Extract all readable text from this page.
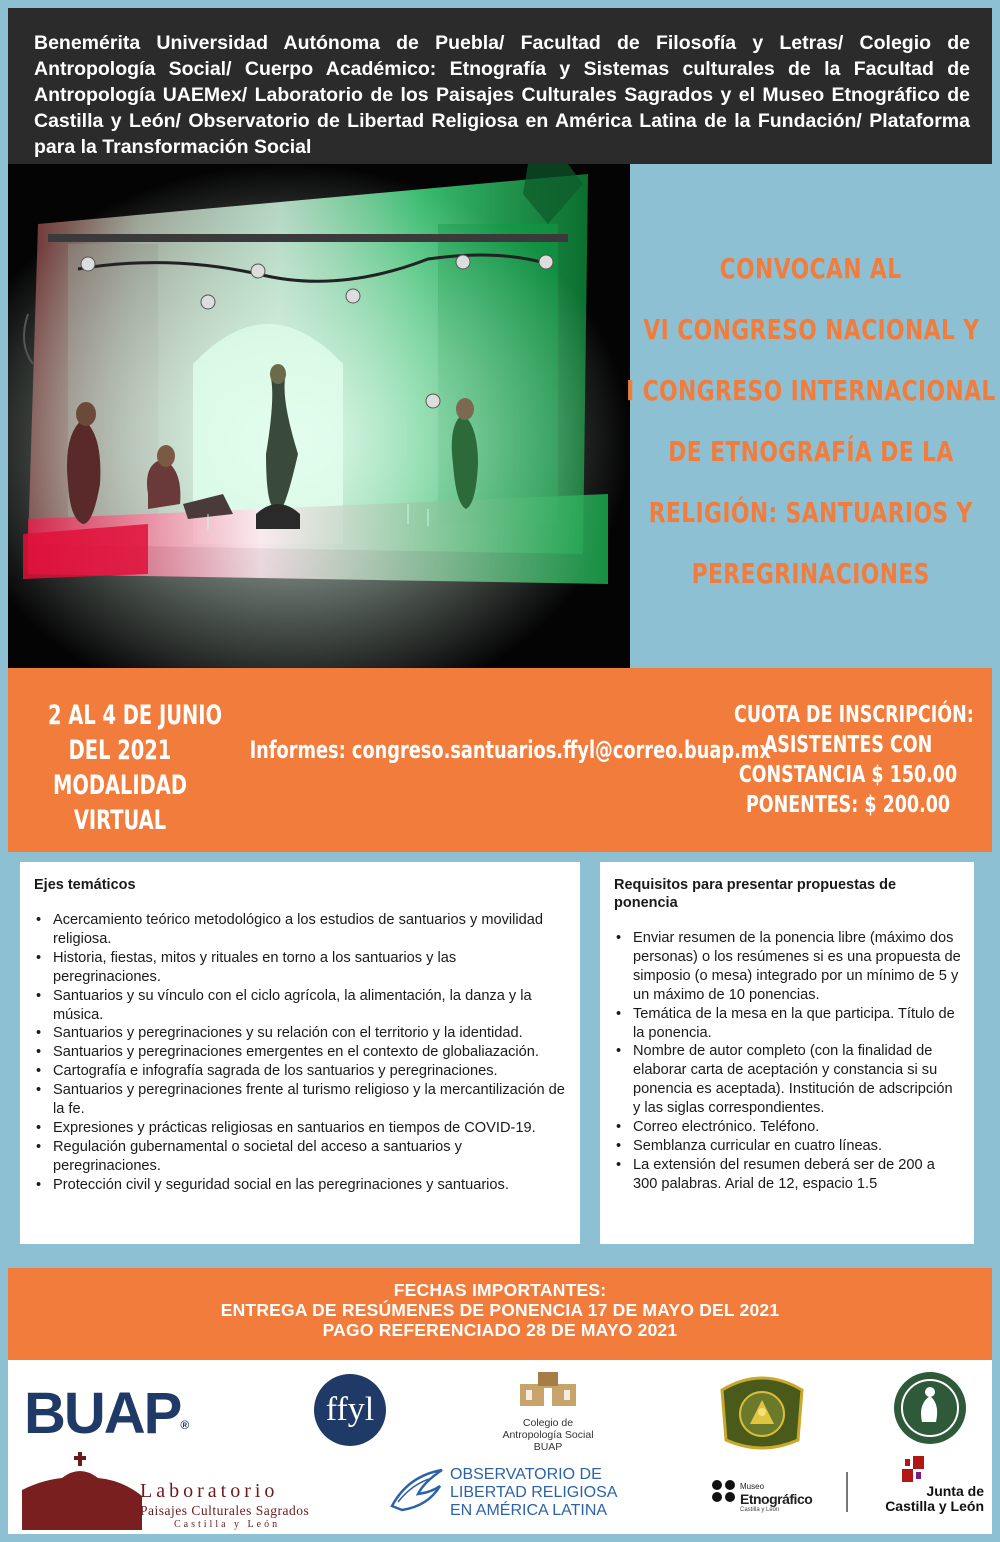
Benemérita Universidad Autónoma de Puebla/ Facultad de Filosofía y Letras/ Colegio de Antropología Social/ Cuerpo Académico: Etnografía y Sistemas culturales de la Facultad de Antropología UAEMex/ Laboratorio de los Paisajes Culturales Sagrados y el Museo Etnográfico de Castilla y León/ Observatorio de Libertad Religiosa en América Latina de la Fundación/ Plataforma para la Transformación Social

CONVOCAN AL
VI CONGRESO NACIONAL Y
I CONGRESO INTERNACIONAL
DE ETNOGRAFÍA DE LA
RELIGIÓN: SANTUARIOS Y
PEREGRINACIONES
2 AL 4 DE JUNIO
DEL 2021
MODALIDAD
VIRTUAL
Informes: congreso.santuarios.ffyl@correo.buap.mx
CUOTA DE INSCRIPCIÓN:
ASISTENTES CON
CONSTANCIA $ 150.00
PONENTES: $ 200.00
Ejes temáticos
• Acercamiento teórico metodológico a los estudios de santuarios y movilidad religiosa.
• Historia, fiestas, mitos y rituales en torno a los santuarios y las peregrinaciones.
• Santuarios y su vínculo con el ciclo agrícola, la alimentación, la danza y la música.
• Santuarios y peregrinaciones y su relación con el territorio y la identidad.
• Santuarios y peregrinaciones emergentes en el contexto de globaliazación.
• Cartografía e infografía sagrada de los santuarios y peregrinaciones.
• Santuarios y peregrinaciones frente al turismo religioso y la mercantilización de la fe.
• Expresiones y prácticas religiosas en santuarios en tiempos de COVID-19.
• Regulación gubernamental o societal del acceso a santuarios y peregrinaciones.
• Protección civil y seguridad social en las peregrinaciones y santuarios.
Requisitos para presentar propuestas de ponencia
• Enviar resumen de la ponencia libre (máximo dos personas) o los resúmenes si es una propuesta de simposio (o mesa) integrado por un mínimo de 5 y un máximo de 10 ponencias.
• Temática de la mesa en la que participa. Título de la ponencia.
• Nombre de autor completo (con la finalidad de elaborar carta de aceptación y constancia si su ponencia es aceptada). Institución de adscripción y las siglas correspondientes.
• Correo electrónico. Teléfono.
• Semblanza curricular en cuatro líneas.
• La extensión del resumen deberá ser de 200 a 300 palabras. Arial de 12, espacio 1.5
FECHAS IMPORTANTES:
ENTREGA DE RESÚMENES DE PONENCIA 17 DE MAYO DEL 2021
PAGO REFERENCIADO 28 DE MAYO 2021
BUAP®	ffyl	Colegio de
Antropología Social
BUAP
Laboratorio
Paisajes Culturales Sagrados
Castilla y León
OBSERVATORIO DE
LIBERTAD RELIGIOSA
EN AMÉRICA LATINA
Museo
Etnográfico
Castilla y León
Junta de
Castilla y León
